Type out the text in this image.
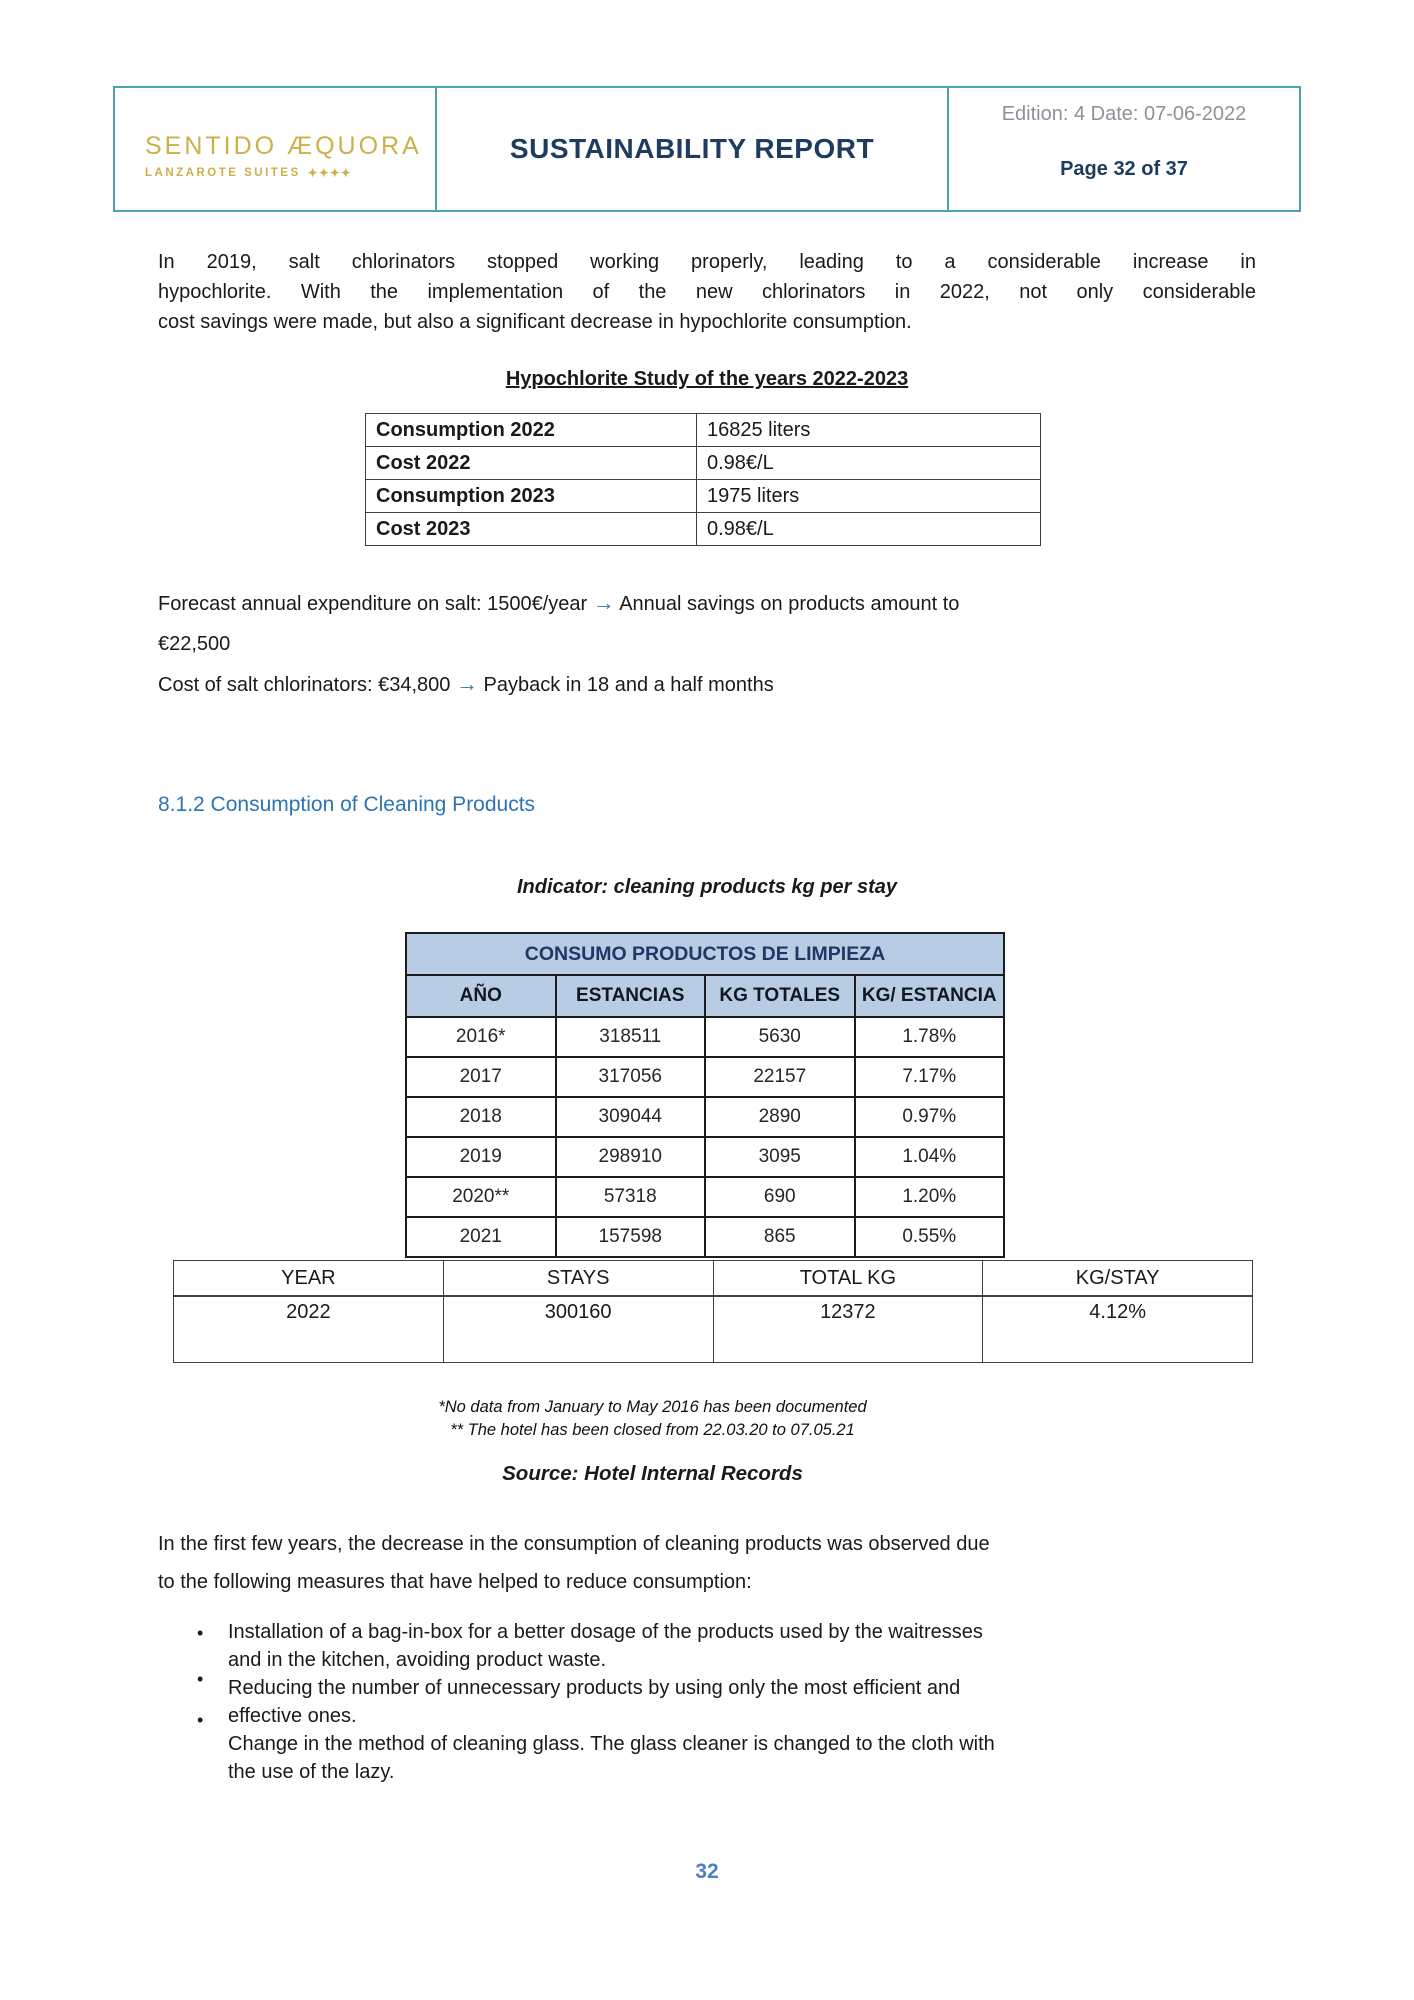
SENTIDO ÆQUORA
LANZAROTE SUITES ✦✦✦✦
SUSTAINABILITY REPORT
Edition: 4 Date: 07-06-2022
Page 32 of 37
In 2019, salt chlorinators stopped working properly, leading to a considerable increase in
hypochlorite. With the implementation of the new chlorinators in 2022, not only considerable
cost savings were made, but also a significant decrease in hypochlorite consumption.
Hypochlorite Study of the years 2022-2023
Consumption 2022	16825 liters
Cost 2022	0.98€/L
Consumption 2023	1975 liters
Cost 2023	0.98€/L
Forecast annual expenditure on salt: 1500€/year → Annual savings on products amount to
€22,500
Cost of salt chlorinators: €34,800 → Payback in 18 and a half months
8.1.2 Consumption of Cleaning Products
Indicator: cleaning products kg per stay
CONSUMO PRODUCTOS DE LIMPIEZA			
AÑO	ESTANCIAS	KG TOTALES	KG/ ESTANCIA
2016*	318511	5630	1.78%
2017	317056	22157	7.17%
2018	309044	2890	0.97%
2019	298910	3095	1.04%
2020**	57318	690	1.20%
2021	157598	865	0.55%
YEAR	STAYS	TOTAL KG	KG/STAY
2022	300160	12372	4.12%
*No data from January to May 2016 has been documented
** The hotel has been closed from 22.03.20 to 07.05.21
Source: Hotel Internal Records
In the first few years, the decrease in the consumption of cleaning products was observed due
to the following measures that have helped to reduce consumption:
•
•
•
Installation of a bag-in-box for a better dosage of the products used by the waitresses
and in the kitchen, avoiding product waste.
Reducing the number of unnecessary products by using only the most efficient and
effective ones.
Change in the method of cleaning glass. The glass cleaner is changed to the cloth with
the use of the lazy.
32
